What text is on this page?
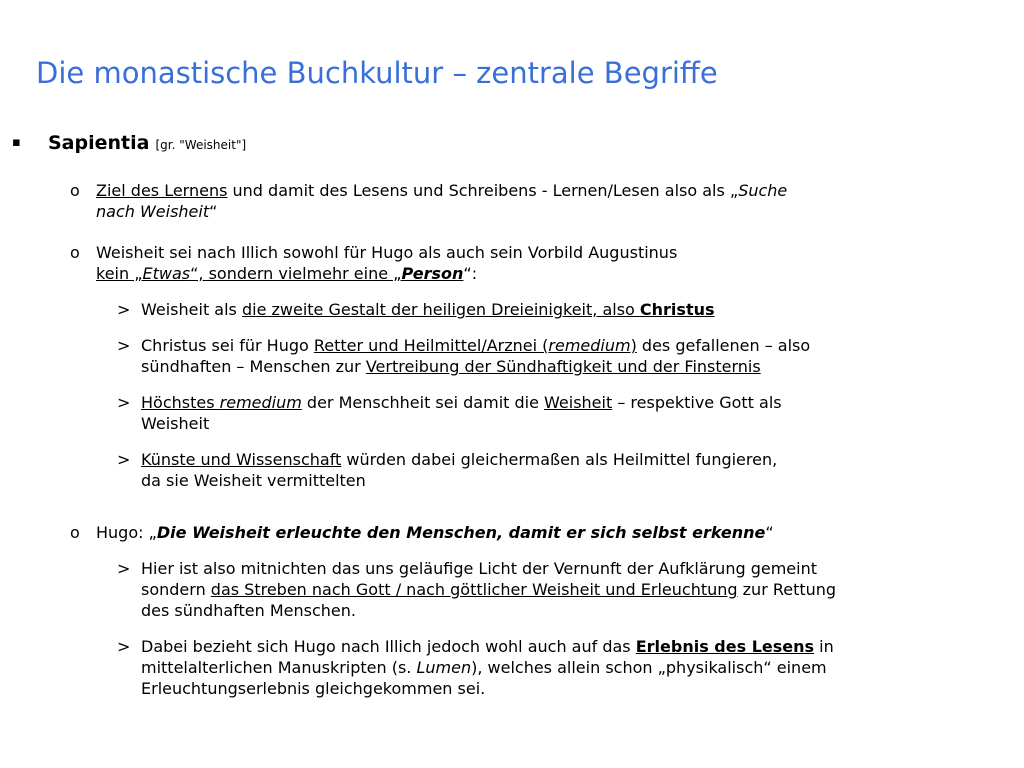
Die monastische Buchkultur – zentrale Begriffe
▪ Sapientia [gr. "Weisheit"]
o Ziel des Lernens und damit des Lesens und Schreibens - Lernen/Lesen also als „Suche
nach Weisheit“
o Weisheit sei nach Illich sowohl für Hugo als auch sein Vorbild Augustinus
kein „Etwas“, sondern vielmehr eine „Person“:
> Weisheit als die zweite Gestalt der heiligen Dreieinigkeit, also Christus
> Christus sei für Hugo Retter und Heilmittel/Arznei (remedium) des gefallenen – also
sündhaften – Menschen zur Vertreibung der Sündhaftigkeit und der Finsternis
> Höchstes remedium der Menschheit sei damit die Weisheit – respektive Gott als
Weisheit
> Künste und Wissenschaft würden dabei gleichermaßen als Heilmittel fungieren,
da sie Weisheit vermittelten
o Hugo: „Die Weisheit erleuchte den Menschen, damit er sich selbst erkenne“
> Hier ist also mitnichten das uns geläufige Licht der Vernunft der Aufklärung gemeint
sondern das Streben nach Gott / nach göttlicher Weisheit und Erleuchtung zur Rettung
des sündhaften Menschen.
> Dabei bezieht sich Hugo nach Illich jedoch wohl auch auf das Erlebnis des Lesens in
mittelalterlichen Manuskripten (s. Lumen), welches allein schon „physikalisch“ einem
Erleuchtungserlebnis gleichgekommen sei.
